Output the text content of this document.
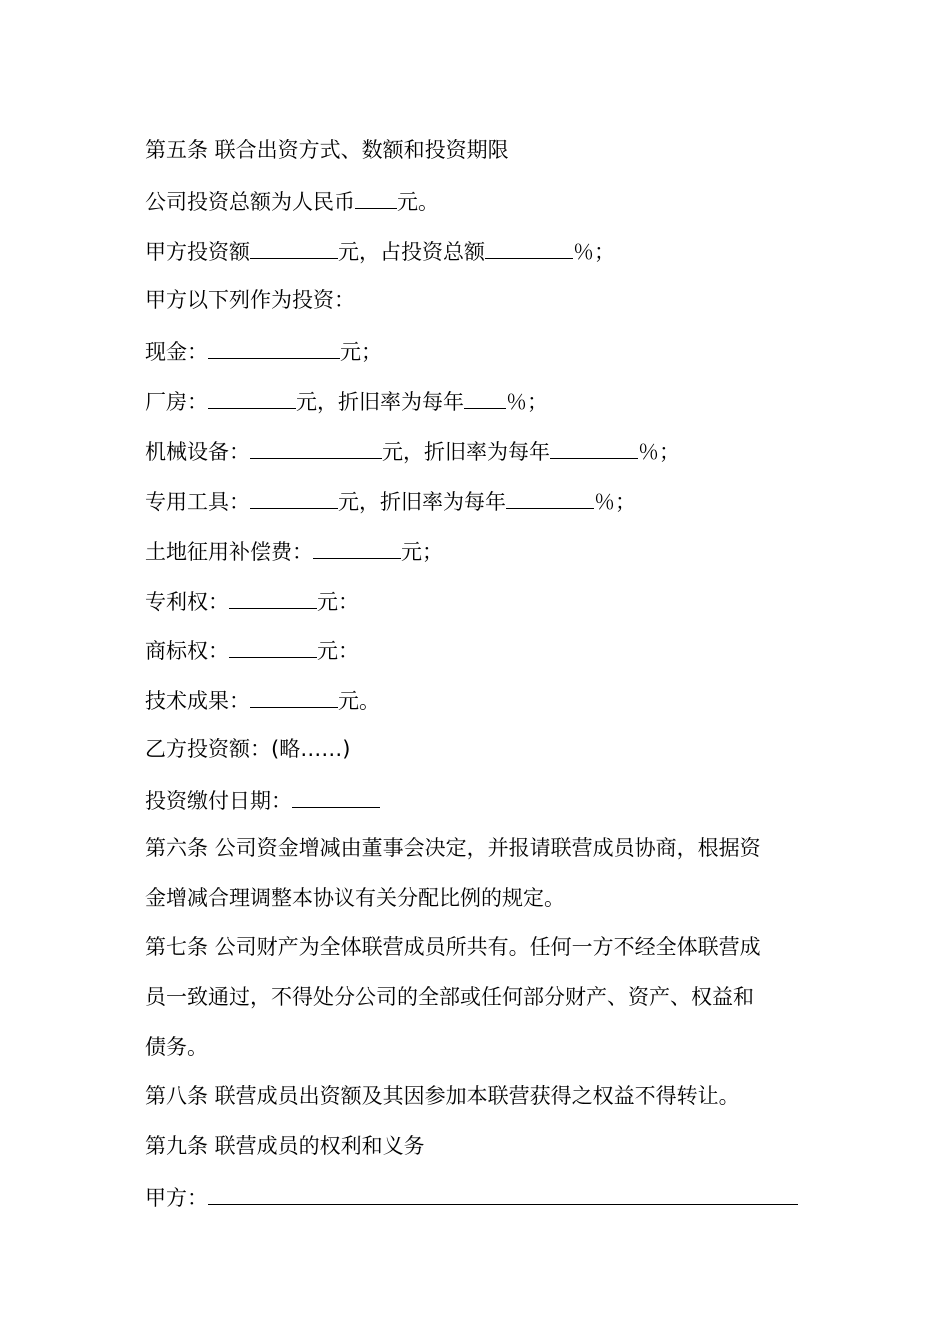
第五条 联合出资方式、数额和投资期限
公司投资总额为人民币 元。
甲方投资额	元，占投资总额	％；
甲方以下列作为投资：
现金：	元；
厂房：	元，折旧率为每年 ％；
机械设备：	元，折旧率为每年	％；
专用工具：	元，折旧率为每年	％；
土地征用补偿费：	元；
专利权：	元：
商标权：	元：
技术成果：	元。
乙方投资额：(略……)
投资缴付日期：
第六条 公司资金增减由董事会决定，并报请联营成员协商，根据资
金增减合理调整本协议有关分配比例的规定。
第七条 公司财产为全体联营成员所共有。任何一方不经全体联营成
员一致通过，不得处分公司的全部或任何部分财产、资产、权益和
债务。
第八条 联营成员出资额及其因参加本联营获得之权益不得转让。
第九条 联营成员的权利和义务
甲方：
